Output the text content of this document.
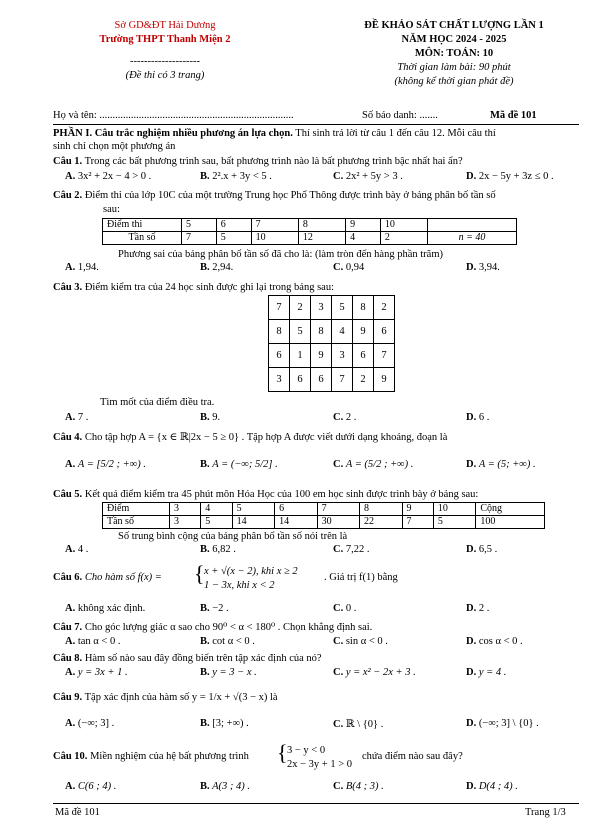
Sở GD&ĐT Hải Dương
Trường THPT Thanh Miện 2
--------------------
(Đề thi có 3 trang)
ĐỀ KHẢO SÁT CHẤT LƯỢNG LẦN 1
NĂM HỌC 2024 - 2025
MÔN: TOÁN: 10
Thời gian làm bài: 90 phút
(không kể thời gian phát đề)
Họ và tên: ..........................................................................	Số báo danh: .......	Mã đề 101
PHẦN I. Câu trắc nghiệm nhiều phương án lựa chọn. Thí sinh trả lời từ câu 1 đến câu 12. Mỗi câu thí
sinh chỉ chọn một phương án
Câu 1. Trong các bất phương trình sau, bất phương trình nào là bất phương trình bậc nhất hai ẩn?
A. 3x² + 2x − 4 > 0 .	B. 2².x + 3y < 5 .	C. 2x² + 5y > 3 .	D. 2x − 5y + 3z ≤ 0 .
Câu 2. Điểm thi của lớp 10C của một trường Trung học Phổ Thông được trình bày ở bảng phân bố tần số
sau:
Điểm thi	5	6	7	8	9	10	
Tần số	7	5	10	12	4	2	n = 40
Phương sai của bảng phân bố tần số đã cho là: (làm tròn đến hàng phần trăm)
A. 1,94.	B. 2,94.	C. 0,94	D. 3,94.
Câu 3. Điểm kiểm tra của 24 học sinh được ghi lại trong bảng sau:
7	2	3	5	8	2
8	5	8	4	9	6
6	1	9	3	6	7
3	6	6	7	2	9
Tìm mốt của điểm điều tra.
A. 7 .	B. 9.	C. 2 .	D. 6 .
Câu 4. Cho tập hợp A = {x ∈ ℝ|2x − 5 ≥ 0} . Tập hợp A được viết dưới dạng khoảng, đoạn là
A. A = [5/2 ; +∞) .	B. A = (−∞; 5/2] .	C. A = (5/2 ; +∞) .	D. A = (5; +∞) .
Câu 5. Kết quả điểm kiểm tra 45 phút môn Hóa Học của 100 em học sinh được trình bày ở bảng sau:
Điểm	3	4	5	6	7	8	9	10	Cộng
Tần số	3	5	14	14	30	22	7	5	100
Số trung bình cộng của bảng phân bố tần số nói trên là
A. 4 .	B. 6,82 .	C. 7,22 .	D. 6,5 .
Câu 6. Cho hàm số f(x) = { x + √(x − 2), khi x ≥ 2
1 − 3x, khi x < 2
. Giá trị f(1) bằng
A. không xác định.	B. −2 .	C. 0 .	D. 2 .
Câu 7. Cho góc lượng giác α sao cho 90⁰ < α < 180⁰ . Chọn khẳng định sai.
A. tan α < 0 .	B. cot α < 0 .	C. sin α < 0 .	D. cos α < 0 .
Câu 8. Hàm số nào sau đây đồng biến trên tập xác định của nó?
A. y = 3x + 1 .	B. y = 3 − x .	C. y = x² − 2x + 3 .	D. y = 4 .
Câu 9. Tập xác định của hàm số y = 1/x + √(3 − x) là
A. (−∞; 3] .	B. [3; +∞) .	C. ℝ \ {0} .	D. (−∞; 3] \ {0} .
Câu 10. Miền nghiệm của hệ bất phương trình { 3 − y < 0
2x − 3y + 1 > 0
chứa điểm nào sau đây?
A. C(6 ; 4) .	B. A(3 ; 4) .	C. B(4 ; 3) .	D. D(4 ; 4) .
Mã đề 101	Trang 1/3
